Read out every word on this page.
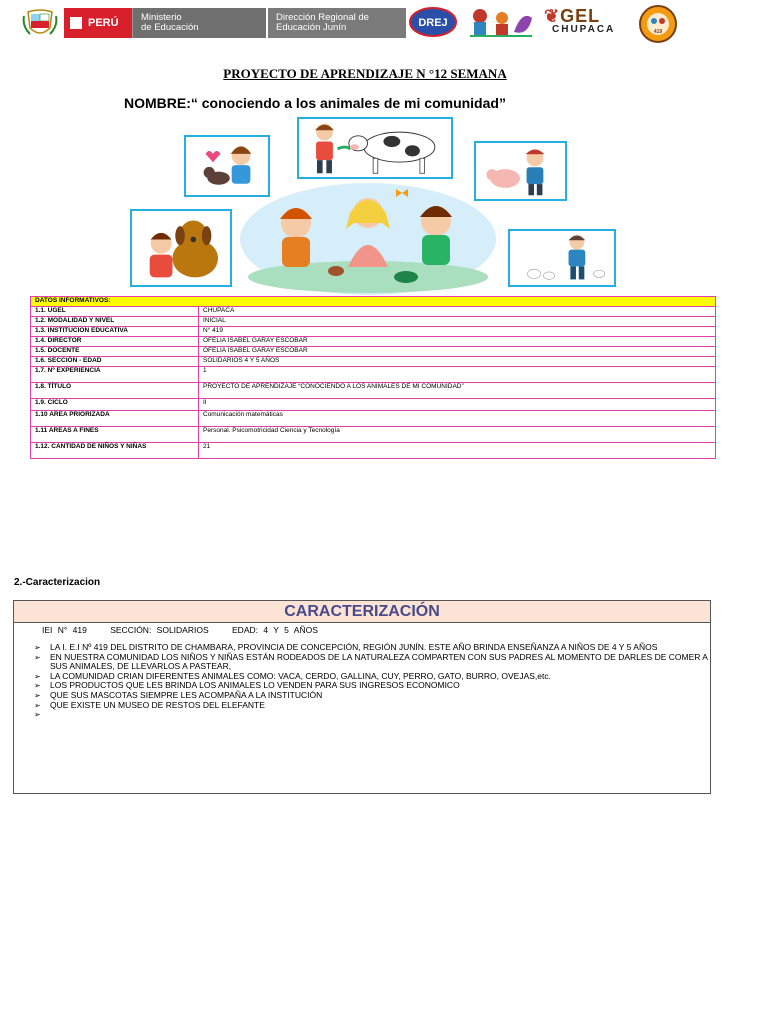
PERÚ Ministerio
de Educación
Dirección Regional de
Educación Junín	DREJ	❦GEL
CHUPACA	419
PROYECTO DE APRENDIZAJE N °12 SEMANA
NOMBRE:“ conociendo a los animales de mi comunidad”
DATOS INFORMATIVOS:	
1.1. UGEL	CHUPACA
1.2. MODALIDAD Y NIVEL	INICIAL
1.3. INSTITUCION EDUCATIVA	N° 419
1.4. DIRECTOR	OFELIA ISABEL GARAY ESCOBAR
1.5. DOCENTE	OFELIA ISABEL GARAY ESCOBAR
1.6. SECCIÓN - EDAD	SOLIDARIOS 4 Y 5 AÑOS
1.7. Nº EXPERIENCIA	1
1.8. TÍTULO	PROYECTO DE APRENDIZAJE “CONOCIENDO A LOS ANIMALES DE MI COMUNIDAD”
1.9. CICLO	II
1.10 AREA PRIORIZADA	Comunicación matemáticas
1.11 AREAS A FINES	Personal. Psicomotricidad Ciencia y Tecnología
1.12. CANTIDAD DE NIÑOS Y NIÑAS	21
2.-Caracterizacion
CARACTERIZACIÓN
IEI N° 419	SECCIÓN: SOLIDARIOS	EDAD: 4 Y 5 AÑOS
➢ LA I. E.I Nº 419 DEL DISTRITO DE CHAMBARA, PROVINCIA DE CONCEPCIÓN, REGIÓN JUNÍN. ESTE AÑO BRINDA ENSEÑANZA A NIÑOS DE 4 Y 5 AÑOS
➢ EN NUESTRA COMUNIDAD LOS NIÑOS Y NIÑAS ESTÁN RODEADOS DE LA NATURALEZA COMPARTEN CON SUS PADRES AL MOMENTO DE DARLES DE COMER A SUS ANIMALES, DE LLEVARLOS A PASTEAR,
➢ LA COMUNIDAD CRIAN DIFERENTES ANIMALES COMO: VACA, CERDO, GALLINA, CUY, PERRO, GATO, BURRO, OVEJAS,etc.
➢ LOS PRODUCTOS QUE LES BRINDA LOS ANIMALES LO VENDEN PARA SUS INGRESOS ECONOMICO
➢ QUE SUS MASCOTAS SIEMPRE LES ACOMPAÑA A LA INSTITUCIÓN
➢ QUE EXISTE UN MUSEO DE RESTOS DEL ELEFANTE
➢
